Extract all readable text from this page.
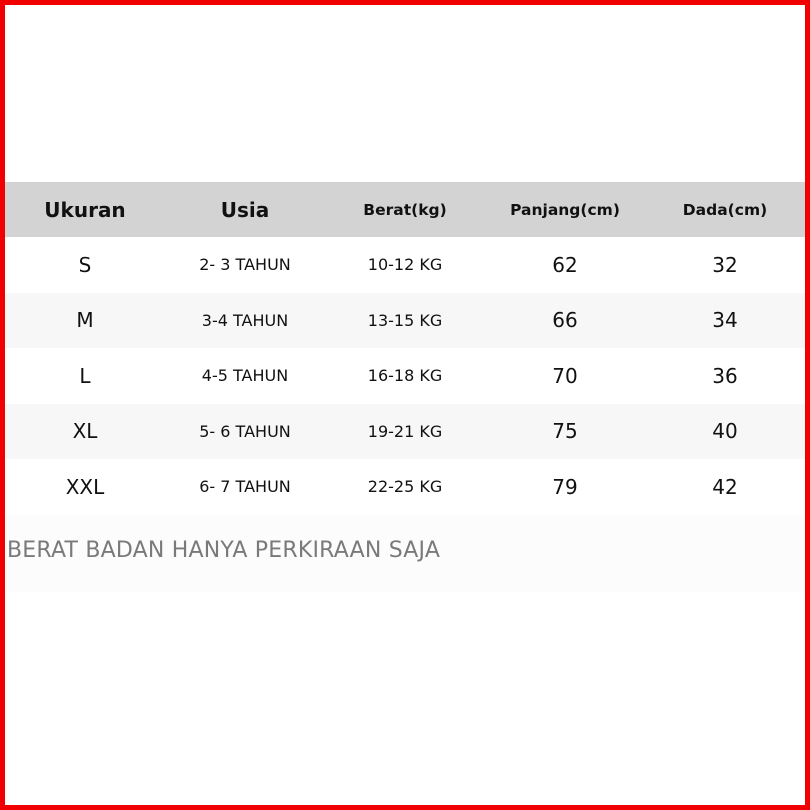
Ukuran	Usia	Berat(kg)	Panjang(cm)	Dada(cm)
S	2- 3 TAHUN	10-12 KG	62	32
M	3-4 TAHUN	13-15 KG	66	34
L	4-5 TAHUN	16-18 KG	70	36
XL	5- 6 TAHUN	19-21 KG	75	40
XXL	6- 7 TAHUN	22-25 KG	79	42
BERAT BADAN HANYA PERKIRAAN SAJA
